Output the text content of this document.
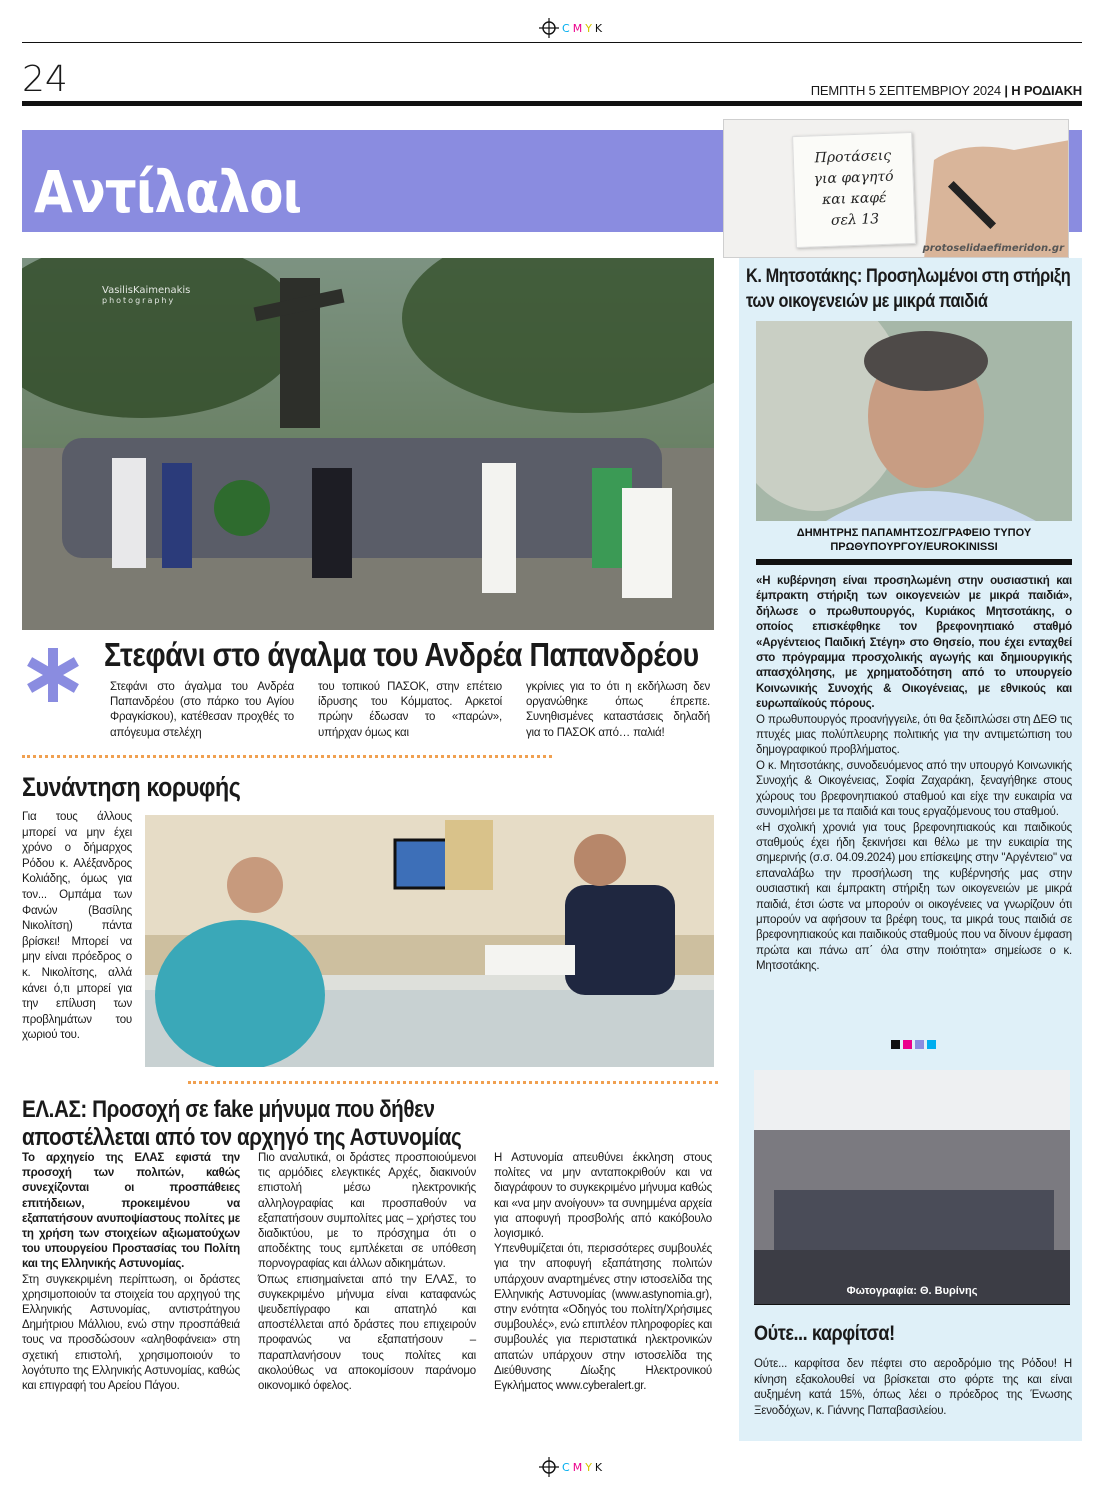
C M Y K
24	ΠΕΜΠΤΗ 5 ΣΕΠΤΕΜΒΡΙΟΥ 2024 | Η ΡΟΔΙΑΚΗ
Αντίλαλοι
Προτάσεις
για φαγητό
και καφέ
σελ 13
protoselidaefimeridon.gr
VasilisKaimenakis
photography
Στεφάνι στο άγαλμα του Ανδρέα Παπανδρέου
Στεφάνι στο άγαλμα του Ανδρέα Παπανδρέου (στο πάρκο του Αγίου Φραγκίσκου), κατέθεσαν προχθές το απόγευμα στελέχη
του τοπικού ΠΑΣΟΚ, στην επέτειο ίδρυσης του Κόμματος. Αρκετοί πρώην έδωσαν το «παρών», υπήρχαν όμως και
γκρίνιες για το ότι η εκδήλωση δεν οργανώθηκε όπως έπρεπε. Συνηθισμένες καταστάσεις δηλαδή για το ΠΑΣΟΚ από… παλιά!
Συνάντηση κορυφής
Για τους άλλους μπορεί να μην έχει χρόνο ο δήμαρχος Ρόδου κ. Αλέξανδρος Κολιάδης, όμως για τον... Ομπάμα των Φανών (Βασίλης Νικολίτση) πάντα βρίσκει! Μπορεί να μην είναι πρόεδρος ο κ. Νικολίτσης, αλλά κάνει ό,τι μπορεί για την επίλυση των προβλημάτων του χωριού του.
ΕΛ.ΑΣ: Προσοχή σε fake μήνυμα που δήθεν
αποστέλλεται από τον αρχηγό της Αστυνομίας

Το αρχηγείο της ΕΛΑΣ εφιστά την προσοχή των πολιτών, καθώς συνεχίζονται οι προσπάθειες επιτήδειων, προκειμένου να εξαπατήσουν ανυποψίαστους πολίτες με τη χρήση των στοιχείων αξιωματούχων του υπουργείου Προστασίας του Πολίτη και της Ελληνικής Αστυνομίας.

Στη συγκεκριμένη περίπτωση, οι δράστες χρησιμοποιούν τα στοιχεία του αρχηγού της Ελληνικής Αστυνομίας, αντιστράτηγου Δημήτριου Μάλλιου, ενώ στην προσπάθειά τους να προσδώσουν «αληθοφάνεια» στη σχετική επιστολή, χρησιμοποιούν το λογότυπο της Ελληνικής Αστυνομίας, καθώς και επιγραφή του Αρείου Πάγου.

Πιο αναλυτικά, οι δράστες προσποιούμενοι τις αρμόδιες ελεγκτικές Αρχές, διακινούν επιστολή μέσω ηλεκτρονικής αλληλογραφίας και προσπαθούν να εξαπατήσουν συμπολίτες μας – χρήστες του διαδικτύου, με το πρόσχημα ότι ο αποδέκτης τους εμπλέκεται σε υπόθεση πορνογραφίας και άλλων αδικημάτων.

Όπως επισημαίνεται από την ΕΛΑΣ, το συγκεκριμένο μήνυμα είναι καταφανώς ψευδεπίγραφο και απατηλό και αποστέλλεται από δράστες που επιχειρούν προφανώς να εξαπατήσουν – παραπλανήσουν τους πολίτες και ακολούθως να αποκομίσουν παράνομο οικονομικό όφελος.

Η Αστυνομία απευθύνει έκκληση στους πολίτες να μην ανταποκριθούν και να διαγράφουν το συγκεκριμένο μήνυμα καθώς και «να μην ανοίγουν» τα συνημμένα αρχεία για αποφυγή προσβολής από κακόβουλο λογισμικό.

Υπενθυμίζεται ότι, περισσότερες συμβουλές για την αποφυγή εξαπάτησης πολιτών υπάρχουν αναρτημένες στην ιστοσελίδα της Ελληνικής Αστυνομίας (www.astynomia.gr), στην ενότητα «Οδηγός του πολίτη/Χρήσιμες συμβουλές», ενώ επιπλέον πληροφορίες και συμβουλές για περιστατικά ηλεκτρονικών απατών υπάρχουν στην ιστοσελίδα της Διεύθυνσης Δίωξης Ηλεκτρονικού Εγκλήματος www.cyberalert.gr.

Κ. Μητσοτάκης: Προσηλωμένοι στη στήριξη
των οικογενειών με μικρά παιδιά
ΔΗΜΗΤΡΗΣ ΠΑΠΑΜΗΤΣΟΣ/ΓΡΑΦΕΙΟ ΤΥΠΟΥ
ΠΡΩΘΥΠΟΥΡΓΟΥ/EUROKINISSI

«Η κυβέρνηση είναι προσηλωμένη στην ουσιαστική και έμπρακτη στήριξη των οικογενειών με μικρά παιδιά», δήλωσε ο πρωθυπουργός, Κυριάκος Μητσοτάκης, ο οποίος επισκέφθηκε τον βρεφονηπιακό σταθμό «Αργέντειος Παιδική Στέγη» στο Θησείο, που έχει ενταχθεί στο πρόγραμμα προσχολικής αγωγής και δημιουργικής απασχόλησης, με χρηματοδότηση από το υπουργείο Κοινωνικής Συνοχής & Οικογένειας, με εθνικούς και ευρωπαϊκούς πόρους.

Ο πρωθυπουργός προανήγγειλε, ότι θα ξεδιπλώσει στη ΔΕΘ τις πτυχές μιας πολύπλευρης πολιτικής για την αντιμετώπιση του δημογραφικού προβλήματος.

Ο κ. Μητσοτάκης, συνοδευόμενος από την υπουργό Κοινωνικής Συνοχής & Οικογένειας, Σοφία Ζαχαράκη, ξεναγήθηκε στους χώρους του βρεφονηπιακού σταθμού και είχε την ευκαιρία να συνομιλήσει με τα παιδιά και τους εργαζόμενους του σταθμού.

«Η σχολική χρονιά για τους βρεφονηπιακούς και παιδικούς σταθμούς έχει ήδη ξεκινήσει και θέλω με την ευκαιρία της σημερινής (σ.σ. 04.09.2024) μου επίσκεψης στην "Αργέντειο" να επαναλάβω την προσήλωση της κυβέρνησής μας στην ουσιαστική και έμπρακτη στήριξη των οικογενειών με μικρά παιδιά, έτσι ώστε να μπορούν οι οικογένειες να γνωρίζουν ότι μπορούν να αφήσουν τα βρέφη τους, τα μικρά τους παιδιά σε βρεφονηπιακούς και παιδικούς σταθμούς που να δίνουν έμφαση πρώτα και πάνω απ΄ όλα στην ποιότητα» σημείωσε ο κ. Μητσοτάκης.

Φωτογραφία: Θ. Βυρίνης
Ούτε... καρφίτσα!
Ούτε... καρφίτσα δεν πέφτει στο αεροδρόμιο της Ρόδου! Η κίνηση εξακολουθεί να βρίσκεται στο φόρτε της και είναι αυξημένη κατά 15%, όπως λέει ο πρόεδρος της Ένωσης Ξενοδόχων, κ. Γιάννης Παπαβασιλείου.
C M Y K
